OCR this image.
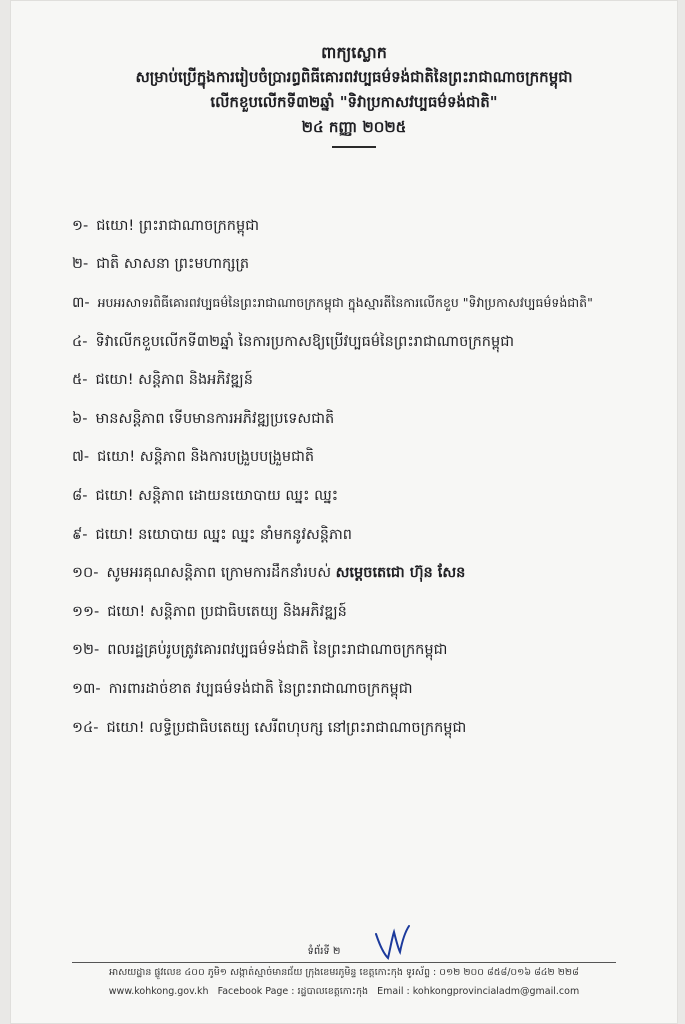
ពាក្យស្លោក
សម្រាប់ប្រើក្នុងការរៀបចំប្រារព្ធពិធីគោរពវប្បធម៌ទង់ជាតិនៃព្រះរាជាណាចក្រកម្ពុជា
លើកខួបលើកទី៣២ឆ្នាំ "ទិវាប្រកាសវប្បធម៌ទង់ជាតិ"
២៤ កញ្ញា ២០២៥
១- ជយោ! ព្រះរាជាណាចក្រកម្ពុជា
២- ជាតិ សាសនា ព្រះមហាក្សត្រ
៣- អបអរសាទរពិធីគោរពវប្បធម៌នៃព្រះរាជាណាចក្រកម្ពុជា ក្នុងស្មារតីនៃការលើកខួប "ទិវាប្រកាសវប្បធម៌ទង់ជាតិ"
៤- ទិវាលើកខួបលើកទី៣២ឆ្នាំ នៃការប្រកាសឱ្យប្រើវប្បធម៌នៃព្រះរាជាណាចក្រកម្ពុជា
៥- ជយោ! សន្តិភាព និងអភិវឌ្ឍន៍
៦- មានសន្តិភាព ទើបមានការអភិវឌ្ឍប្រទេសជាតិ
៧- ជយោ! សន្តិភាព និងការបង្រួបបង្រួមជាតិ
៨- ជយោ! សន្តិភាព ដោយនយោបាយ ឈ្នះ ឈ្នះ
៩- ជយោ! នយោបាយ ឈ្នះ ឈ្នះ នាំមកនូវសន្តិភាព
១០- សូមអរគុណសន្តិភាព ក្រោមការដឹកនាំរបស់ សម្តេចតេជោ ហ៊ុន សែន
១១- ជយោ! សន្តិភាព ប្រជាធិបតេយ្យ និងអភិវឌ្ឍន៍
១២- ពលរដ្ឋគ្រប់រូបត្រូវគោរពវប្បធម៌ទង់ជាតិ នៃព្រះរាជាណាចក្រកម្ពុជា
១៣- ការពារដាច់ខាត វប្បធម៌ទង់ជាតិ នៃព្រះរាជាណាចក្រកម្ពុជា
១៤- ជយោ! លទ្ធិប្រជាធិបតេយ្យ សេរីពហុបក្ស នៅព្រះរាជាណាចក្រកម្ពុជា
ទំព័រទី ២
អាសយដ្ឋាន ផ្លូវលេខ ៤០០ ភូមិ១ សង្កាត់ស្មាច់មានជ័យ ក្រុងខេមរភូមិន្ទ ខេត្តកោះកុង ទូរស័ព្ទ : ០១២ ២០០ ៨៥៨/០១៦ ៨៤២ ២២៨
www.kohkong.gov.kh Facebook Page : រដ្ឋបាលខេត្តកោះកុង Email : kohkongprovincialadm@gmail.com
